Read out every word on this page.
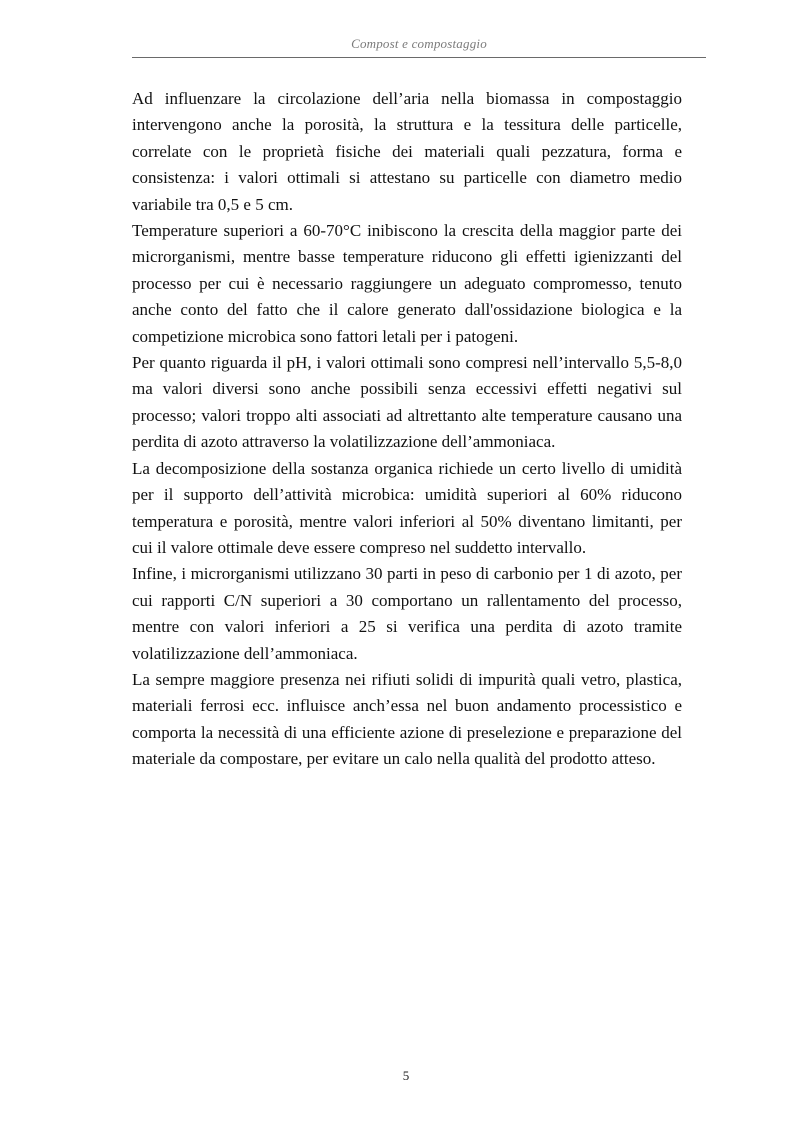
Compost e compostaggio

Ad influenzare la circolazione dell’aria nella biomassa in compostaggio intervengono anche la porosità, la struttura e la tessitura delle particelle, correlate con le proprietà fisiche dei materiali quali pezzatura, forma e consistenza: i valori ottimali si attestano su particelle con diametro medio variabile tra 0,5 e 5 cm.

Temperature superiori a 60-70°C inibiscono la crescita della maggior parte dei microrganismi, mentre basse temperature riducono gli effetti igienizzanti del processo per cui è necessario raggiungere un adeguato compromesso, tenuto anche conto del fatto che il calore generato dall'ossidazione biologica e la competizione microbica sono fattori letali per i patogeni.

Per quanto riguarda il pH, i valori ottimali sono compresi nell’intervallo 5,5-8,0 ma valori diversi sono anche possibili senza eccessivi effetti negativi sul processo; valori troppo alti associati ad altrettanto alte temperature causano una perdita di azoto attraverso la volatilizzazione dell’ammoniaca.

La decomposizione della sostanza organica richiede un certo livello di umidità per il supporto dell’attività microbica: umidità superiori al 60% riducono temperatura e porosità, mentre valori inferiori al 50% diventano limitanti, per cui il valore ottimale deve essere compreso nel suddetto intervallo.

Infine, i microrganismi utilizzano 30 parti in peso di carbonio per 1 di azoto, per cui rapporti C/N superiori a 30 comportano un rallentamento del processo, mentre con valori inferiori a 25 si verifica una perdita di azoto tramite volatilizzazione dell’ammoniaca.

La sempre maggiore presenza nei rifiuti solidi di impurità quali vetro, plastica, materiali ferrosi ecc. influisce anch’essa nel buon andamento processistico e comporta la necessità di una efficiente azione di preselezione e preparazione del materiale da compostare, per evitare un calo nella qualità del prodotto atteso.

5
